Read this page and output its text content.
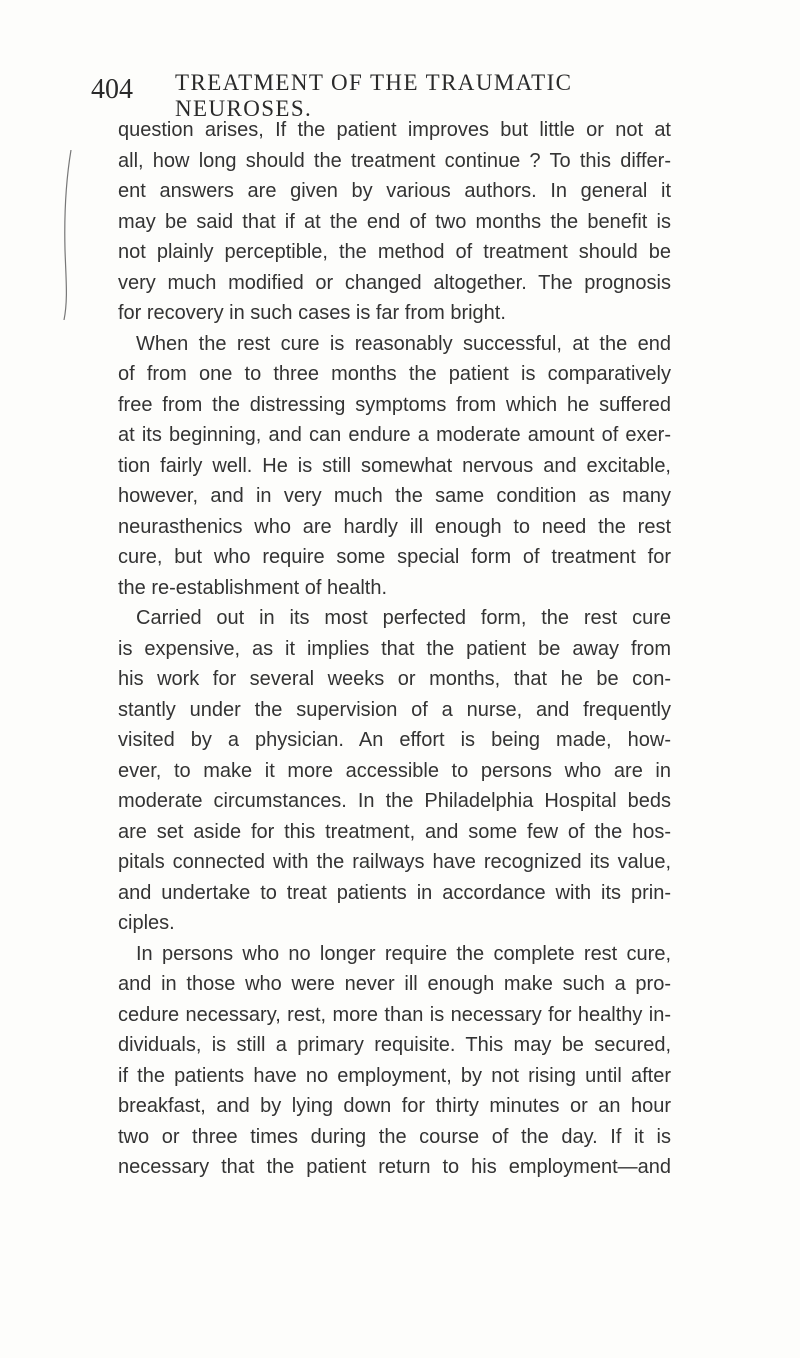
404 TREATMENT OF THE TRAUMATIC NEUROSES.
question arises, If the patient improves but little or not at
all, how long should the treatment continue ? To this differ-
ent answers are given by various authors. In general it
may be said that if at the end of two months the benefit is
not plainly perceptible, the method of treatment should be
very much modified or changed altogether. The prognosis
for recovery in such cases is far from bright.
When the rest cure is reasonably successful, at the end
of from one to three months the patient is comparatively
free from the distressing symptoms from which he suffered
at its beginning, and can endure a moderate amount of exer-
tion fairly well. He is still somewhat nervous and excitable,
however, and in very much the same condition as many
neurasthenics who are hardly ill enough to need the rest
cure, but who require some special form of treatment for
the re-establishment of health.
Carried out in its most perfected form, the rest cure
is expensive, as it implies that the patient be away from
his work for several weeks or months, that he be con-
stantly under the supervision of a nurse, and frequently
visited by a physician. An effort is being made, how-
ever, to make it more accessible to persons who are in
moderate circumstances. In the Philadelphia Hospital beds
are set aside for this treatment, and some few of the hos-
pitals connected with the railways have recognized its value,
and undertake to treat patients in accordance with its prin-
ciples.
In persons who no longer require the complete rest cure,
and in those who were never ill enough make such a pro-
cedure necessary, rest, more than is necessary for healthy in-
dividuals, is still a primary requisite. This may be secured,
if the patients have no employment, by not rising until after
breakfast, and by lying down for thirty minutes or an hour
two or three times during the course of the day. If it is
necessary that the patient return to his employment—and
